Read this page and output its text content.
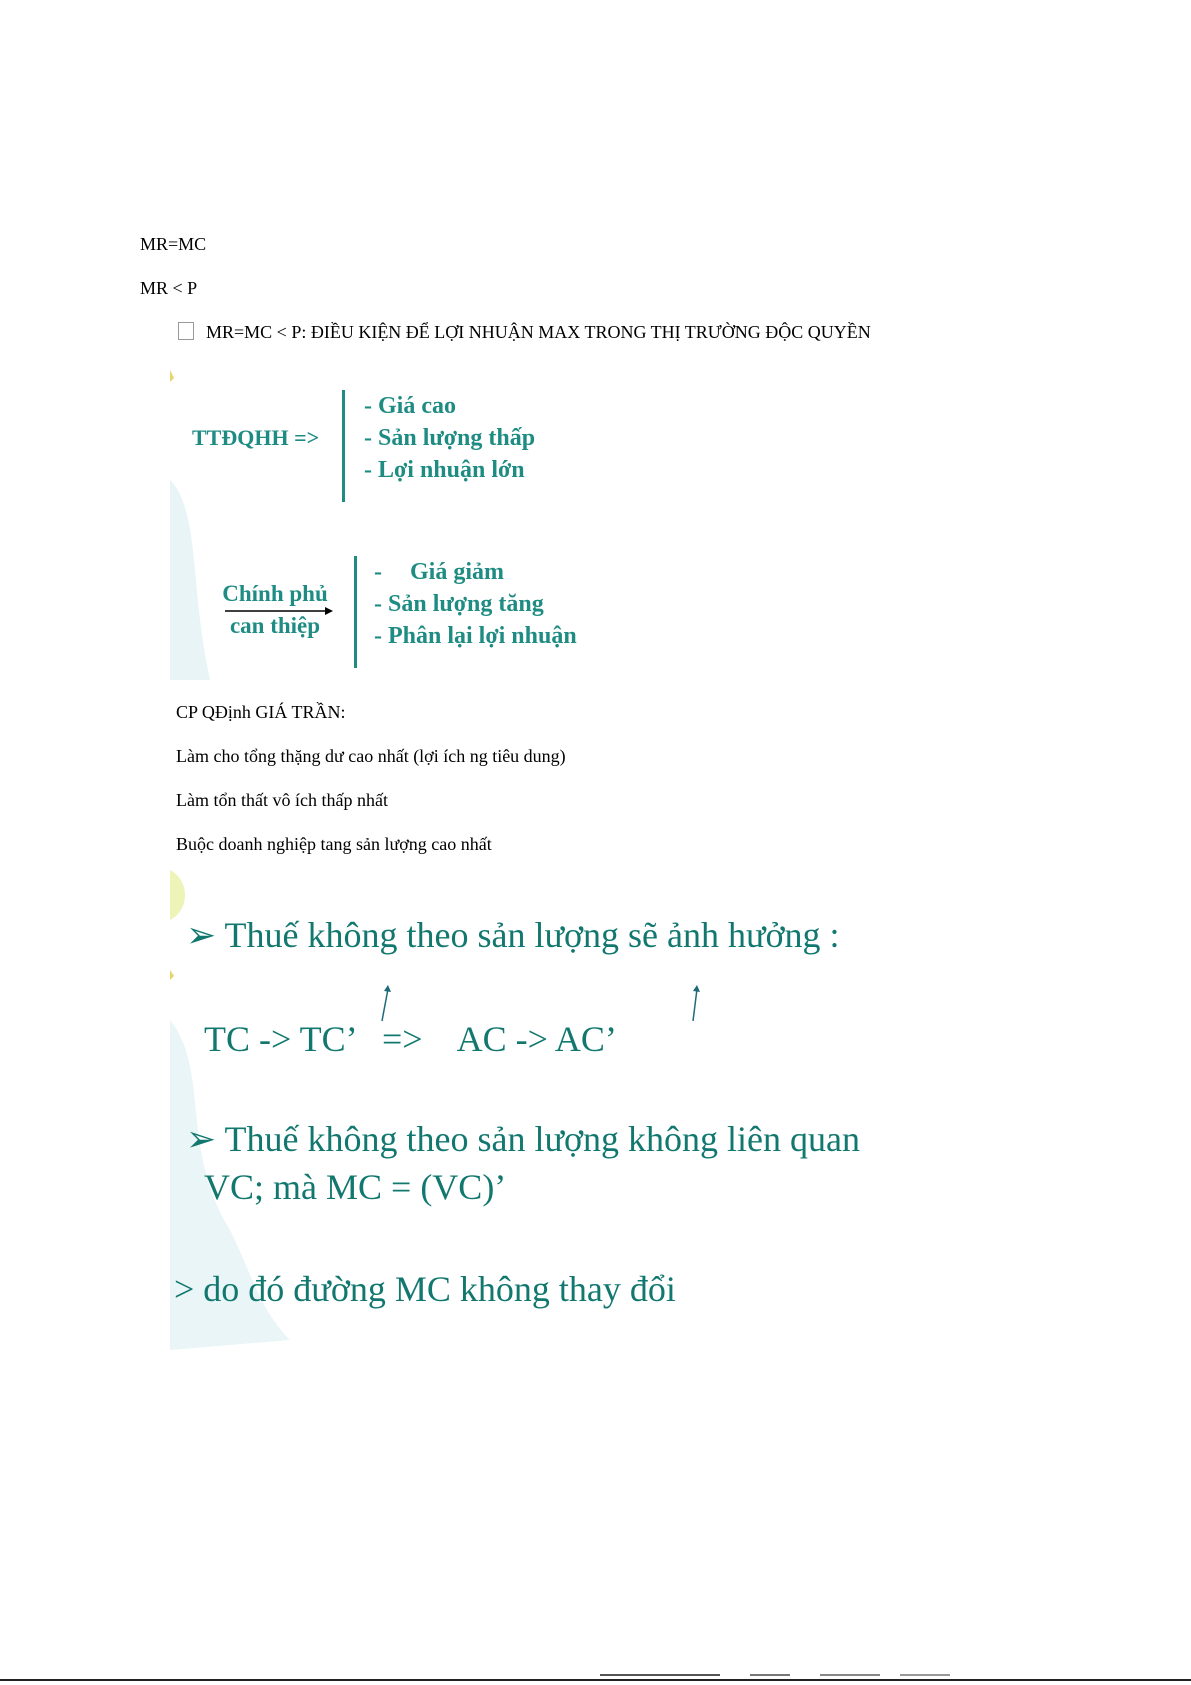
MR=MC
MR < P
MR=MC < P: ĐIỀU KIỆN ĐỂ LỢI NHUẬN MAX TRONG THỊ TRƯỜNG ĐỘC QUYỀN
TTĐQHH =>
- Giá cao
- Sản lượng thấp
- Lợi nhuận lớn
Chính phủ
can thiệp
- Giá giảm
- Sản lượng tăng
- Phân lại lợi nhuận
CP QĐịnh GIÁ TRẦN:
Làm cho tổng thặng dư cao nhất (lợi ích ng tiêu dung)
Làm tổn thất vô ích thấp nhất
Buộc doanh nghiệp tang sản lượng cao nhất
➢ Thuế không theo sản lượng sẽ ảnh hưởng :
TC -> TC’   =>    AC -> AC’
➢ Thuế không theo sản lượng không liên quan
VC; mà MC = (VC)’
> do đó đường MC không thay đổi
